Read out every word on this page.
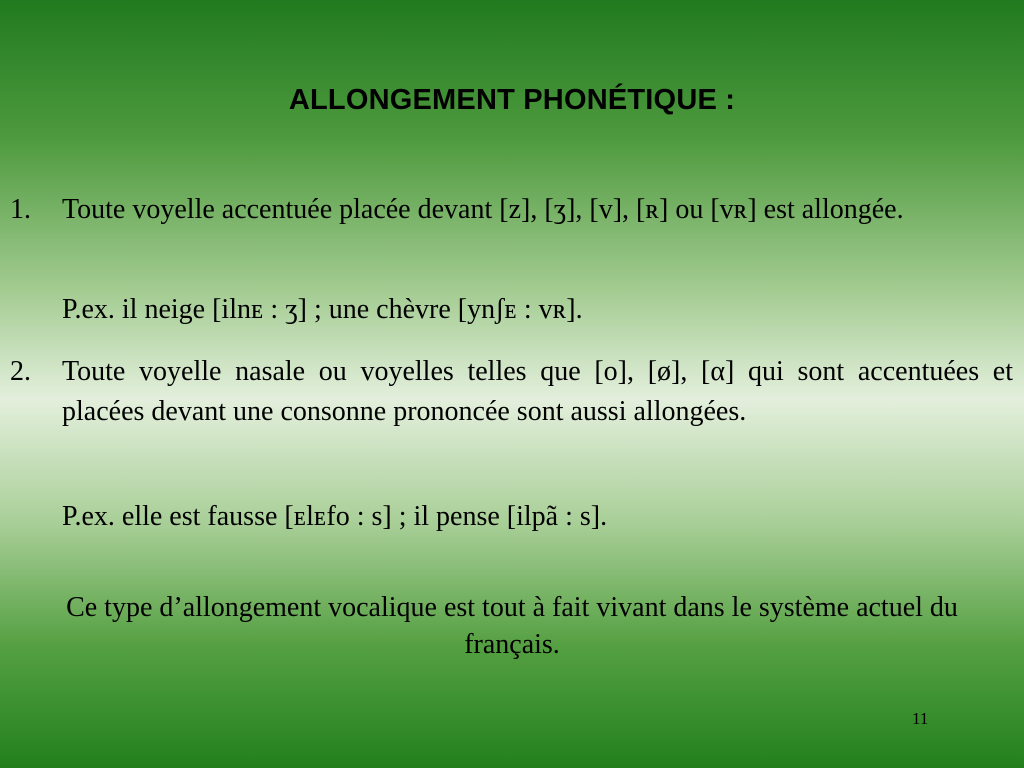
ALLONGEMENT PHONÉTIQUE :
1. Toute voyelle accentuée placée devant [z], [ʒ], [v], [ʀ] ou [vʀ] est allongée.
P.ex. il neige [ilnᴇ : ʒ] ; une chèvre [ynʃᴇ : vʀ].
2. Toute voyelle nasale ou voyelles telles que [o], [ø], [α] qui sont accentuées et placées devant une consonne prononcée sont aussi allongées.
P.ex. elle est fausse [ᴇlᴇfo : s] ; il pense [ilpã : s].
Ce type d’allongement vocalique est tout à fait vivant dans le système actuel du français.
11
